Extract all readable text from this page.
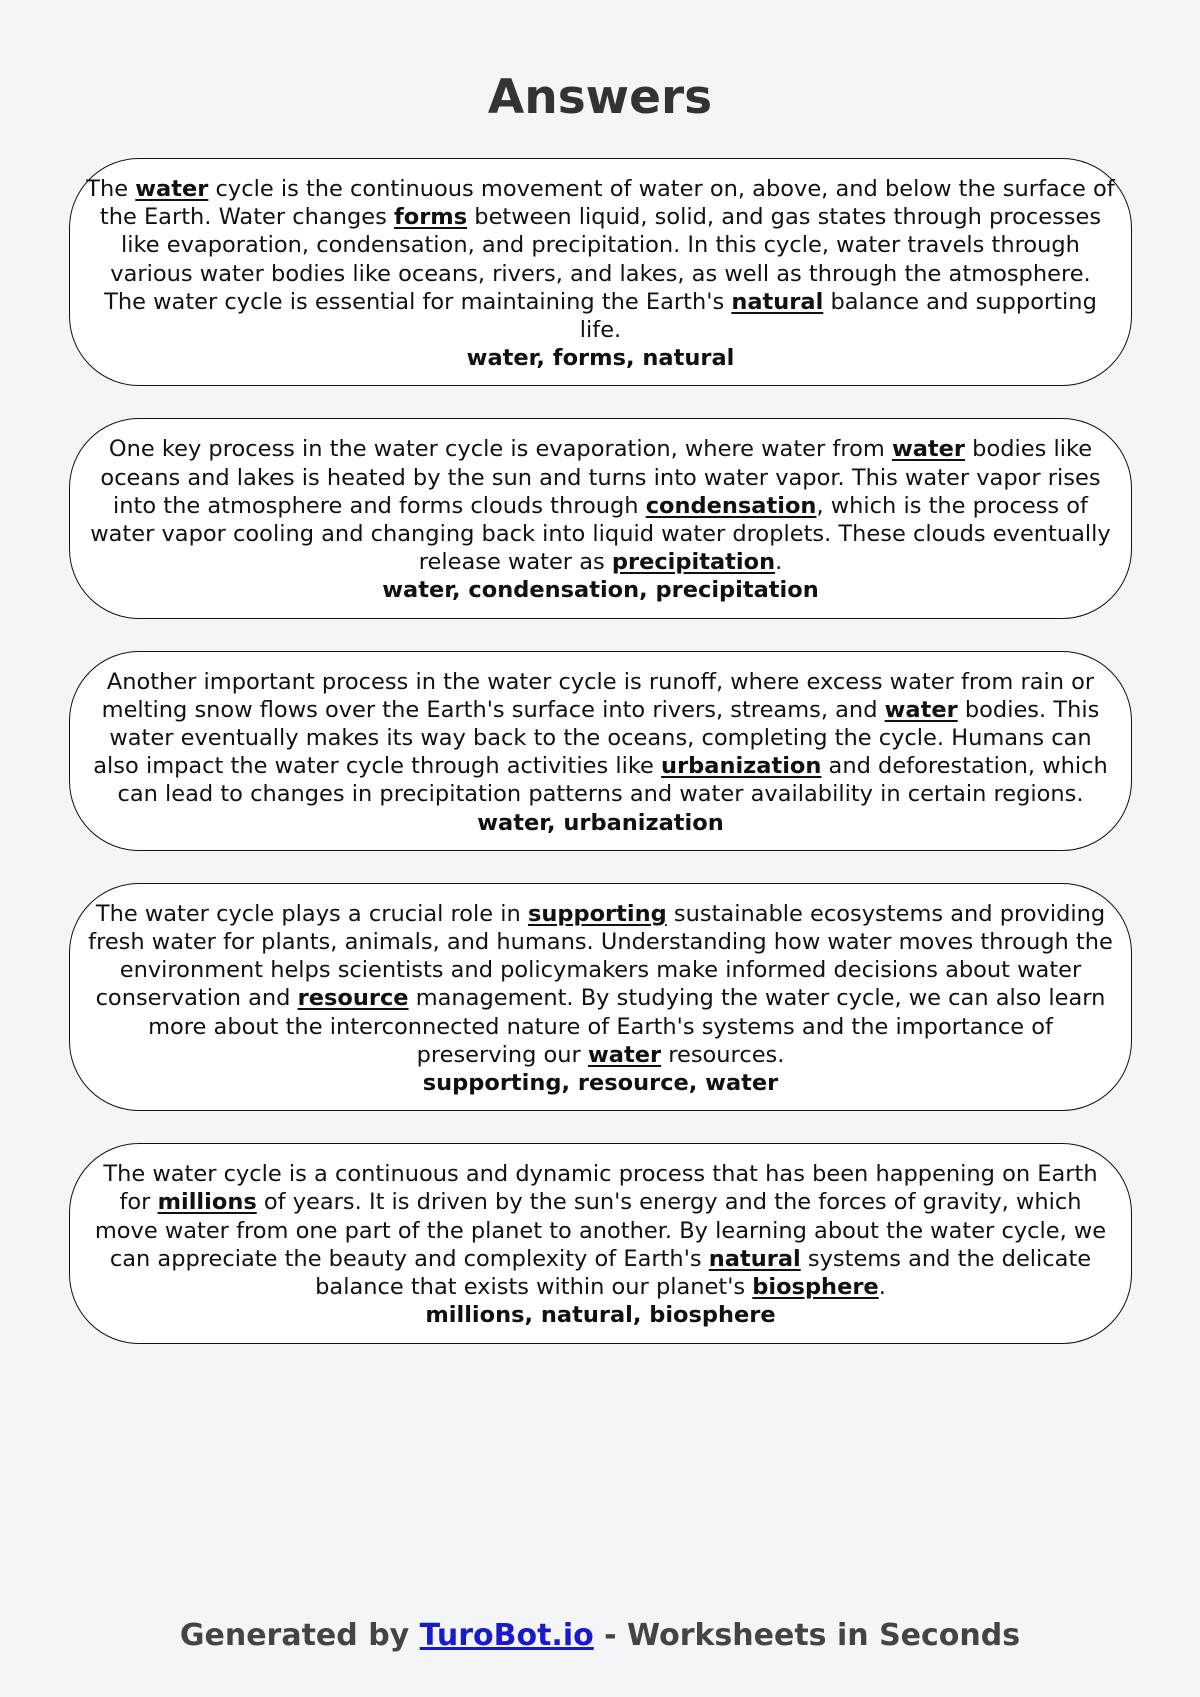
Answers
The water cycle is the continuous movement of water on, above, and below the surface of the Earth. Water changes forms between liquid, solid, and gas states through processes like evaporation, condensation, and precipitation. In this cycle, water travels through various water bodies like oceans, rivers, and lakes, as well as through the atmosphere. The water cycle is essential for maintaining the Earth's natural balance and supporting life.
water, forms, natural
One key process in the water cycle is evaporation, where water from water bodies like oceans and lakes is heated by the sun and turns into water vapor. This water vapor rises into the atmosphere and forms clouds through condensation, which is the process of water vapor cooling and changing back into liquid water droplets. These clouds eventually release water as precipitation.
water, condensation, precipitation
Another important process in the water cycle is runoff, where excess water from rain or melting snow flows over the Earth's surface into rivers, streams, and water bodies. This water eventually makes its way back to the oceans, completing the cycle. Humans can also impact the water cycle through activities like urbanization and deforestation, which can lead to changes in precipitation patterns and water availability in certain regions.
water, urbanization
The water cycle plays a crucial role in supporting sustainable ecosystems and providing fresh water for plants, animals, and humans. Understanding how water moves through the environment helps scientists and policymakers make informed decisions about water conservation and resource management. By studying the water cycle, we can also learn more about the interconnected nature of Earth's systems and the importance of preserving our water resources.
supporting, resource, water
The water cycle is a continuous and dynamic process that has been happening on Earth for millions of years. It is driven by the sun's energy and the forces of gravity, which move water from one part of the planet to another. By learning about the water cycle, we can appreciate the beauty and complexity of Earth's natural systems and the delicate balance that exists within our planet's biosphere.
millions, natural, biosphere
Generated by TuroBot.io - Worksheets in Seconds
